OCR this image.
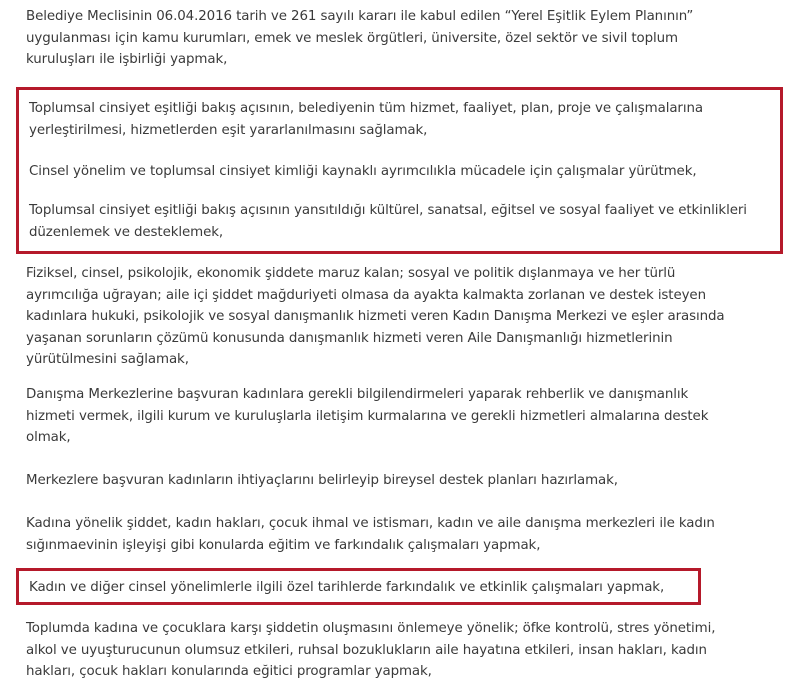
Belediye Meclisinin 06.04.2016 tarih ve 261 sayılı kararı ile kabul edilen “Yerel Eşitlik Eylem Planının”
uygulanması için kamu kurumları, emek ve meslek örgütleri, üniversite, özel sektör ve sivil toplum
kuruluşları ile işbirliği yapmak,

Toplumsal cinsiyet eşitliği bakış açısının, belediyenin tüm hizmet, faaliyet, plan, proje ve çalışmalarına
yerleştirilmesi, hizmetlerden eşit yararlanılmasını sağlamak,

Cinsel yönelim ve toplumsal cinsiyet kimliği kaynaklı ayrımcılıkla mücadele için çalışmalar yürütmek,

Toplumsal cinsiyet eşitliği bakış açısının yansıtıldığı kültürel, sanatsal, eğitsel ve sosyal faaliyet ve etkinlikleri
düzenlemek ve desteklemek,

Fiziksel, cinsel, psikolojik, ekonomik şiddete maruz kalan; sosyal ve politik dışlanmaya ve her türlü
ayrımcılığa uğrayan; aile içi şiddet mağduriyeti olmasa da ayakta kalmakta zorlanan ve destek isteyen
kadınlara hukuki, psikolojik ve sosyal danışmanlık hizmeti veren Kadın Danışma Merkezi ve eşler arasında
yaşanan sorunların çözümü konusunda danışmanlık hizmeti veren Aile Danışmanlığı hizmetlerinin
yürütülmesini sağlamak,

Danışma Merkezlerine başvuran kadınlara gerekli bilgilendirmeleri yaparak rehberlik ve danışmanlık
hizmeti vermek, ilgili kurum ve kuruluşlarla iletişim kurmalarına ve gerekli hizmetleri almalarına destek
olmak,

Merkezlere başvuran kadınların ihtiyaçlarını belirleyip bireysel destek planları hazırlamak,

Kadına yönelik şiddet, kadın hakları, çocuk ihmal ve istismarı, kadın ve aile danışma merkezleri ile kadın
sığınmaevinin işleyişi gibi konularda eğitim ve farkındalık çalışmaları yapmak,

Kadın ve diğer cinsel yönelimlerle ilgili özel tarihlerde farkındalık ve etkinlik çalışmaları yapmak,

Toplumda kadına ve çocuklara karşı şiddetin oluşmasını önlemeye yönelik; öfke kontrolü, stres yönetimi,
alkol ve uyuşturucunun olumsuz etkileri, ruhsal bozuklukların aile hayatına etkileri, insan hakları, kadın
hakları, çocuk hakları konularında eğitici programlar yapmak,
